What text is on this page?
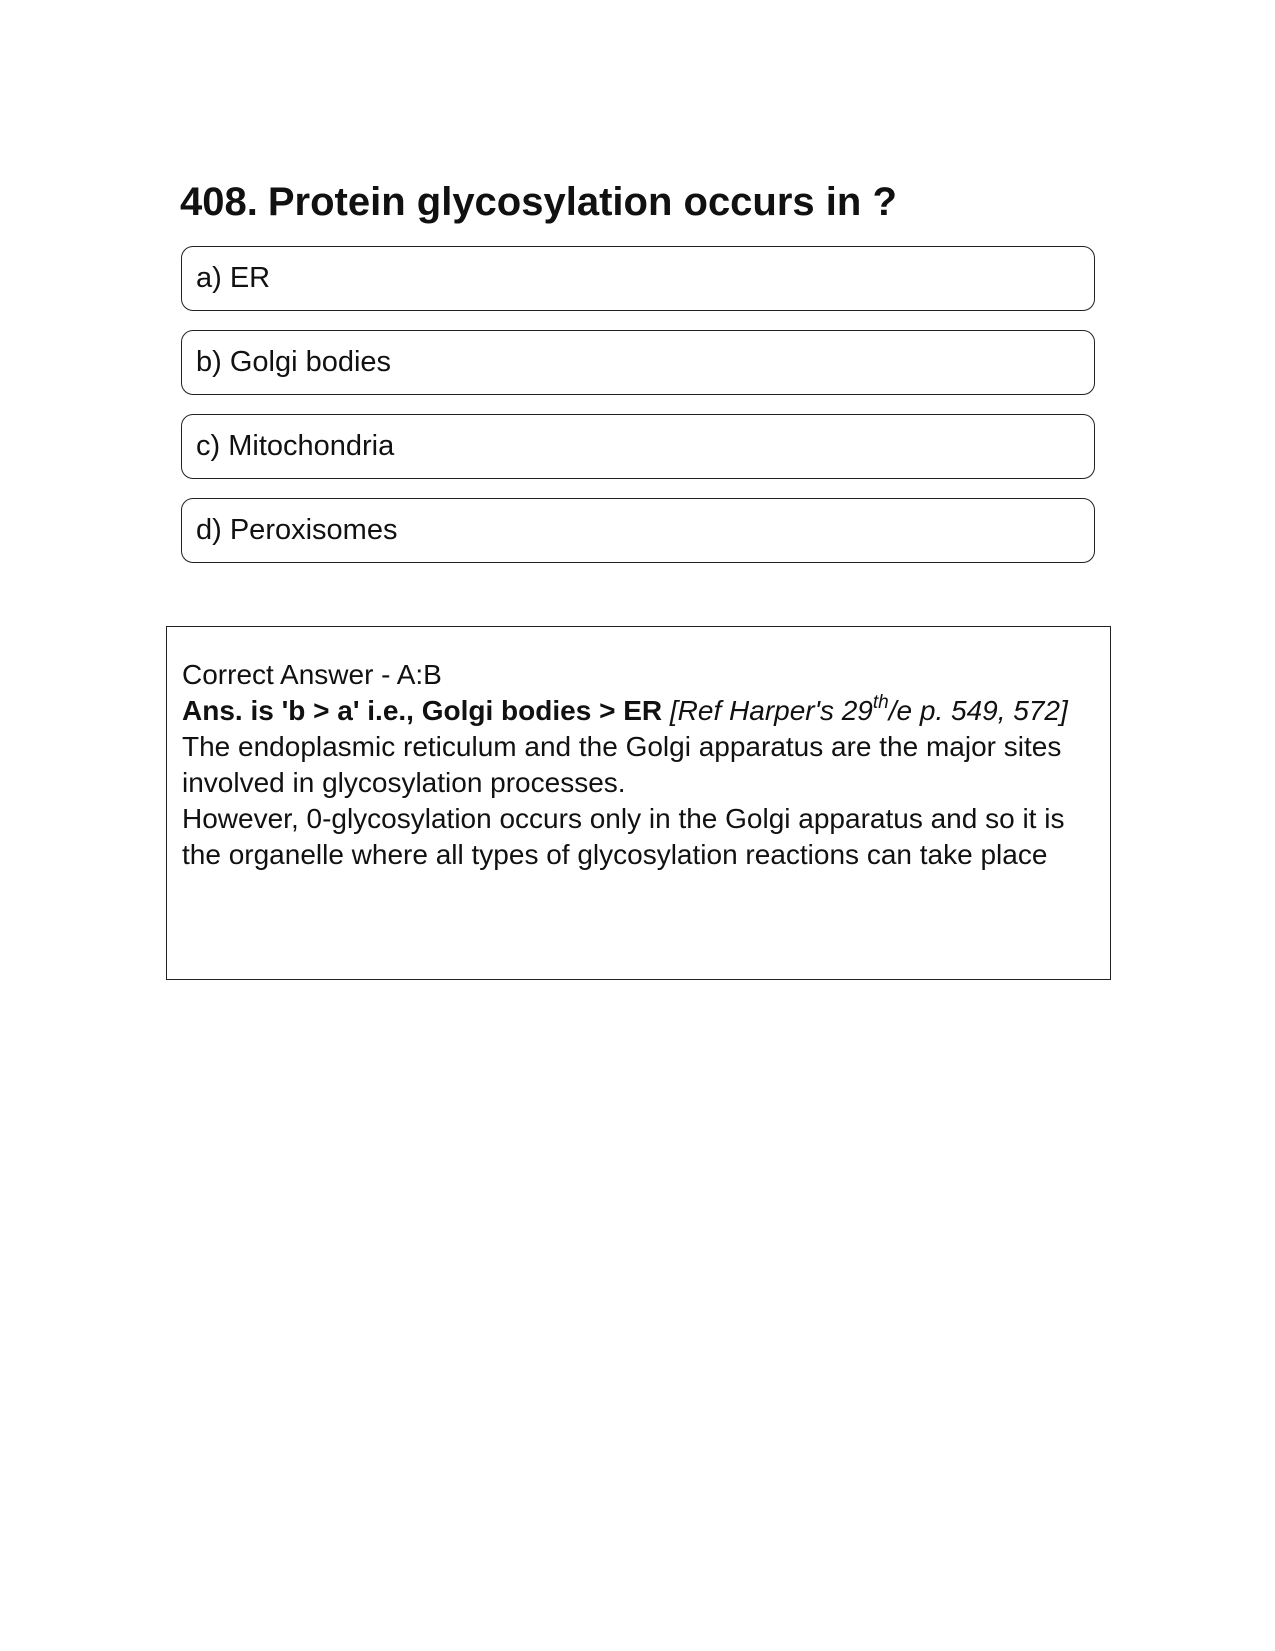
408. Protein glycosylation occurs in ?
a) ER
b) Golgi bodies
c) Mitochondria
d) Peroxisomes

Correct Answer - A:B

Ans. is 'b > a' i.e., Golgi bodies > ER [Ref Harper's 29th/e p. 549, 572]

The endoplasmic reticulum and the Golgi apparatus are the major sites involved in glycosylation processes.

However, 0-glycosylation occurs only in the Golgi apparatus and so it is the organelle where all types of glycosylation reactions can take place
